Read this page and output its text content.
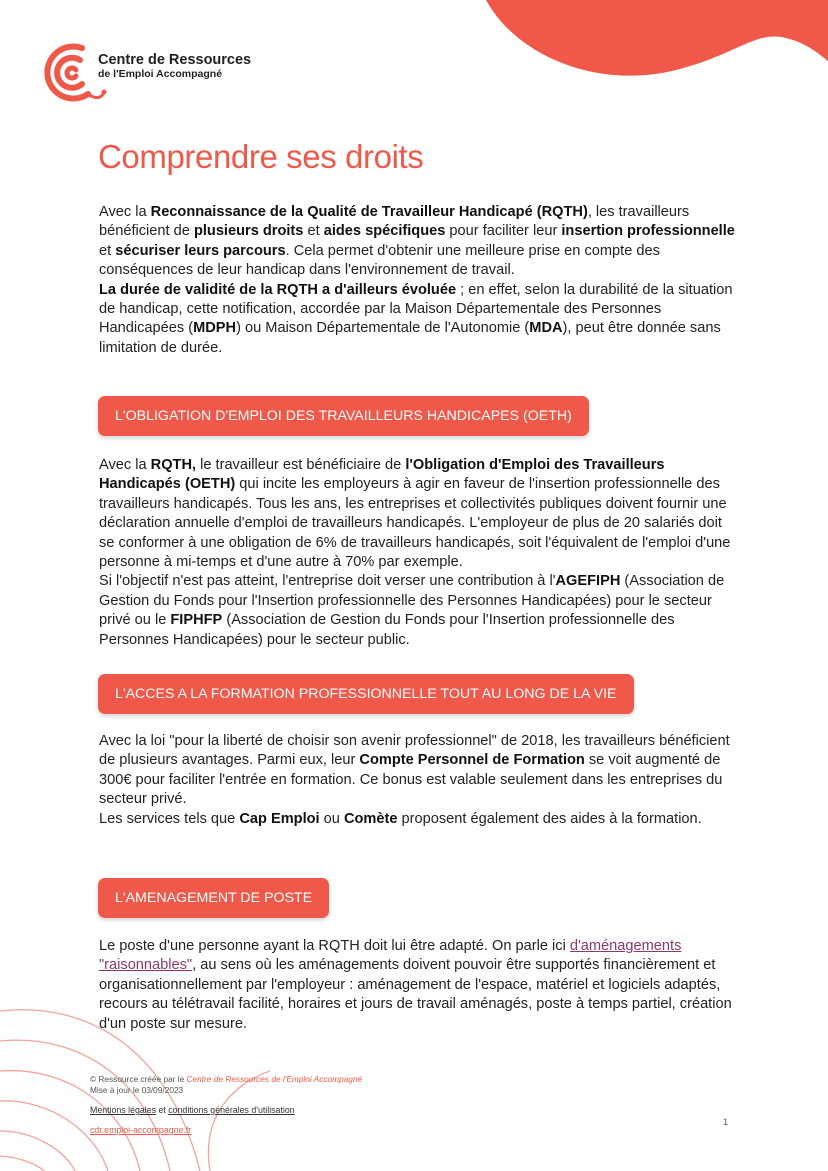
Centre de Ressources
de l'Emploi Accompagné
Comprendre ses droits
Avec la Reconnaissance de la Qualité de Travailleur Handicapé (RQTH), les travailleurs bénéficient de plusieurs droits et aides spécifiques pour faciliter leur insertion professionnelle et sécuriser leurs parcours. Cela permet d'obtenir une meilleure prise en compte des conséquences de leur handicap dans l'environnement de travail.
La durée de validité de la RQTH a d'ailleurs évoluée ; en effet, selon la durabilité de la situation de handicap, cette notification, accordée par la Maison Départementale des Personnes Handicapées (MDPH) ou Maison Départementale de l'Autonomie (MDA), peut être donnée sans limitation de durée.
L'OBLIGATION D'EMPLOI DES TRAVAILLEURS HANDICAPES (OETH)
Avec la RQTH, le travailleur est bénéficiaire de l'Obligation d'Emploi des Travailleurs Handicapés (OETH) qui incite les employeurs à agir en faveur de l'insertion professionnelle des travailleurs handicapés. Tous les ans, les entreprises et collectivités publiques doivent fournir une déclaration annuelle d'emploi de travailleurs handicapés. L'employeur de plus de 20 salariés doit se conformer à une obligation de 6% de travailleurs handicapés, soit l'équivalent de l'emploi d'une personne à mi-temps et d'une autre à 70% par exemple.
Si l'objectif n'est pas atteint, l'entreprise doit verser une contribution à l'AGEFIPH (Association de Gestion du Fonds pour l'Insertion professionnelle des Personnes Handicapées) pour le secteur privé ou le FIPHFP (Association de Gestion du Fonds pour l'Insertion professionnelle des Personnes Handicapées) pour le secteur public.
L'ACCES A LA FORMATION PROFESSIONNELLE TOUT AU LONG DE LA VIE
Avec la loi "pour la liberté de choisir son avenir professionnel" de 2018, les travailleurs bénéficient de plusieurs avantages. Parmi eux, leur Compte Personnel de Formation se voit augmenté de 300€ pour faciliter l'entrée en formation. Ce bonus est valable seulement dans les entreprises du secteur privé.
Les services tels que Cap Emploi ou Comète proposent également des aides à la formation.
L'AMENAGEMENT DE POSTE
Le poste d'une personne ayant la RQTH doit lui être adapté. On parle ici d'aménagements "raisonnables", au sens où les aménagements doivent pouvoir être supportés financièrement et organisationnellement par l'employeur : aménagement de l'espace, matériel et logiciels adaptés, recours au télétravail facilité, horaires et jours de travail aménagés, poste à temps partiel, création d'un poste sur mesure.
© Ressource créée par le Centre de Ressources de l'Emploi Accompagné
Mise à jour le 03/09/2023
Mentions légales et conditions générales d'utilisation
cdr.emploi-accompagne.fr
1
